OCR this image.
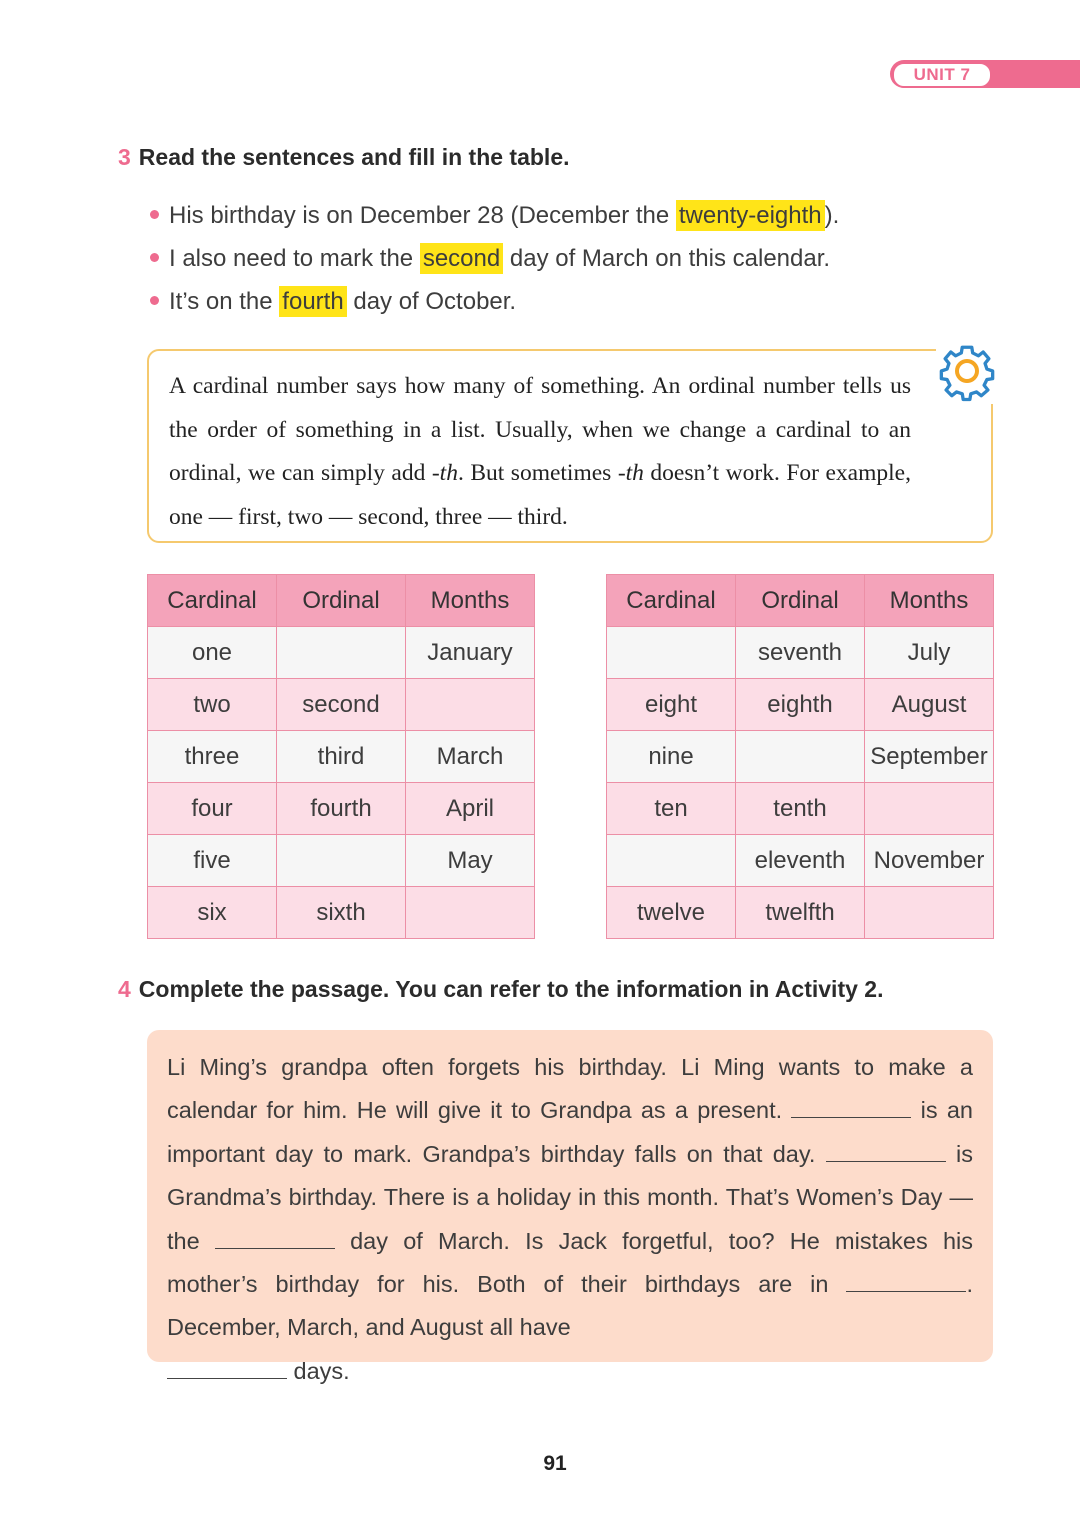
UNIT 7
3 Read the sentences and fill in the table.
His birthday is on December 28 (December the twenty-eighth ).
I also need to mark the second day of March on this calendar.
It’s on the fourth day of October.
A cardinal number says how many of something. An ordinal number tells us the order of something in a list. Usually, when we change a cardinal to an ordinal, we can simply add -th. But sometimes -th doesn’t work. For example, one — first, two — second, three — third.
Cardinal	Ordinal	Months
one		January
two	second	
three	third	March
four	fourth	April
five		May
six	sixth	
Cardinal	Ordinal	Months
	seventh	July
eight	eighth	August
nine		September
ten	tenth	
	eleventh	November
twelve	twelfth	
4 Complete the passage. You can refer to the information in Activity 2.
Li Ming’s grandpa often forgets his birthday. Li Ming wants to make a calendar for him. He will give it to Grandpa as a present.	is an important day to mark. Grandpa’s birthday falls on that day.	is Grandma’s birthday. There is a holiday in this month. That’s Women’s Day — the	day of March. Is Jack forgetful, too? He mistakes his mother’s birthday for his. Both of their birthdays are in	. December, March, and August all have
days.
91
